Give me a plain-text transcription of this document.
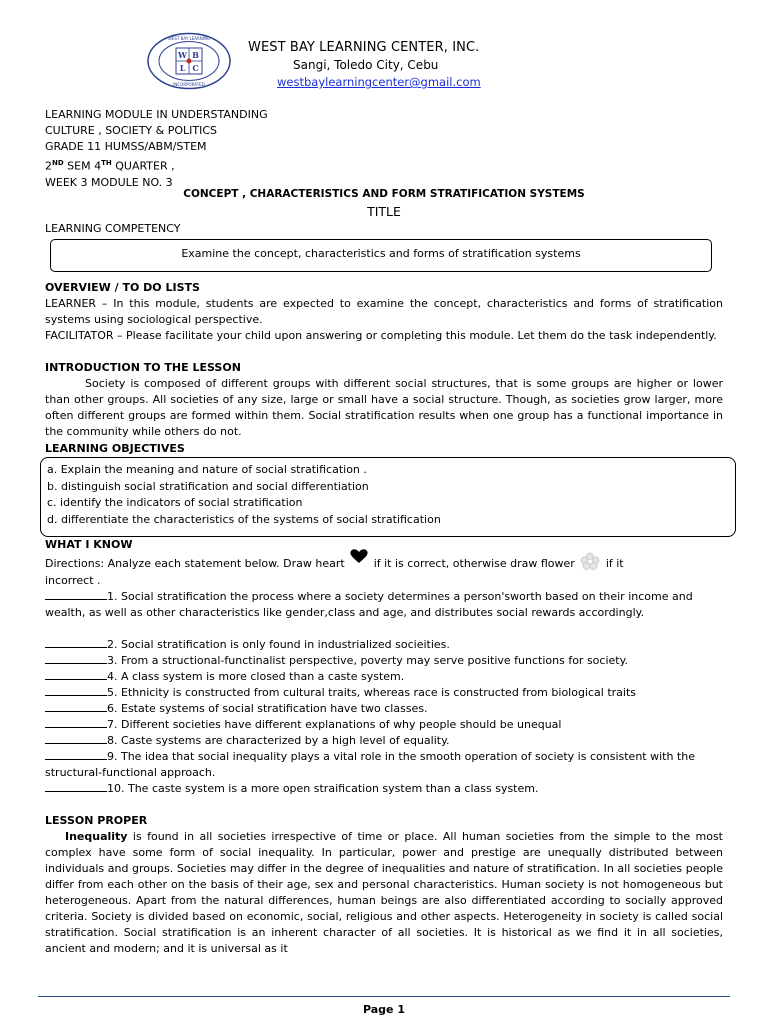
WEST BAY LEARNING
INCORPORATED
W B
L C
WEST BAY LEARNING CENTER, INC.
Sangi, Toledo City, Cebu
westbaylearningcenter@gmail.com
LEARNING MODULE IN UNDERSTANDING
CULTURE , SOCIETY & POLITICS
GRADE 11 HUMSS/ABM/STEM
2ND SEM 4TH QUARTER ,
WEEK 3 MODULE NO. 3
CONCEPT , CHARACTERISTICS AND FORM STRATIFICATION SYSTEMS
TITLE
LEARNING COMPETENCY
Examine the concept, characteristics and forms of stratification systems
OVERVIEW / TO DO LISTS
LEARNER – In this module, students are expected to examine the concept, characteristics and forms of stratification systems using sociological perspective.
FACILITATOR – Please facilitate your child upon answering or completing this module. Let them do the task independently.
INTRODUCTION TO THE LESSON
Society is composed of different groups with different social structures, that is some groups are higher or lower than other groups. All societies of any size, large or small have a social structure. Though, as societies grow larger, more often different groups are formed within them. Social stratification results when one group has a functional importance in the community while others do not.
LEARNING OBJECTIVES
a. Explain the meaning and nature of social stratification .
b. distinguish social stratification and social differentiation
c. identify the indicators of social stratification
d. differentiate the characteristics of the systems of social stratification
WHAT I KNOW
Directions: Analyze each statement below. Draw heart	if it is correct, otherwise draw flower	if it
incorrect .
1. Social stratification the process where a society determines a person'sworth based on their income and wealth, as well as other characteristics like gender,class and age, and distributes social rewards accordingly.
2. Social stratification is only found in industrialized socieities.
3. From a structional-functinalist perspective, poverty may serve positive functions for society.
4. A class system is more closed than a caste system.
5. Ethnicity is constructed from cultural traits, whereas race is constructed from biological traits
6. Estate systems of social stratification have two classes.
7. Different societies have different explanations of why people should be unequal
8. Caste systems are characterized by a high level of equality.
9. The idea that social inequality plays a vital role in the smooth operation of society is consistent with the structural-functional approach.
10. The caste system is a more open straification system than a class system.
LESSON PROPER
Inequality is found in all societies irrespective of time or place. All human societies from the simple to the most complex have some form of social inequality. In particular, power and prestige are unequally distributed between individuals and groups. Societies may differ in the degree of inequalities and nature of stratification. In all societies people differ from each other on the basis of their age, sex and personal characteristics. Human society is not homogeneous but heterogeneous. Apart from the natural differences, human beings are also differentiated according to socially approved criteria. Society is divided based on economic, social, religious and other aspects. Heterogeneity in society is called social stratification. Social stratification is an inherent character of all societies. It is historical as we find it in all societies, ancient and modern; and it is universal as it
Page 1
